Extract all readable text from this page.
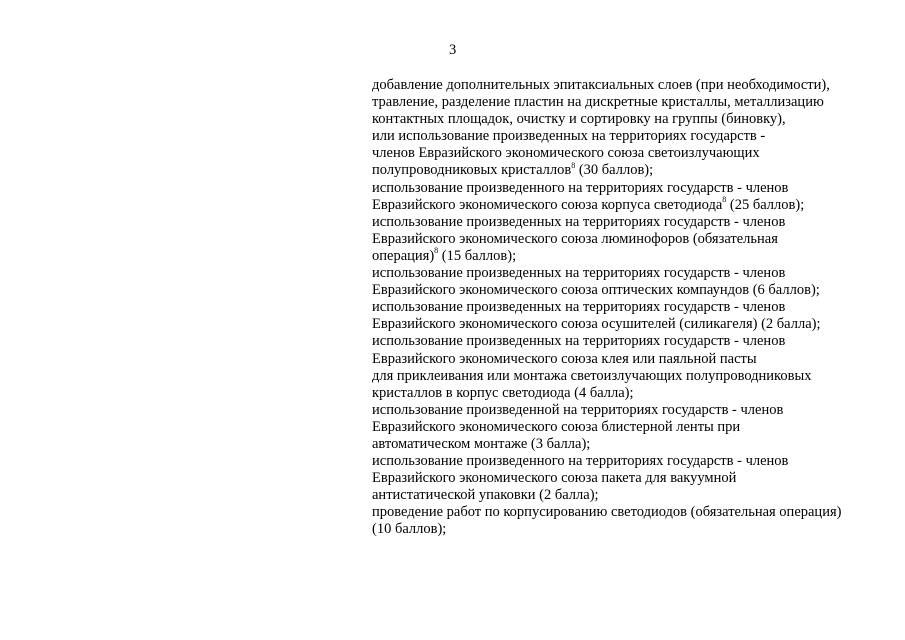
3
добавление дополнительных эпитаксиальных слоев (при необходимости),
травление, разделение пластин на дискретные кристаллы, металлизацию
контактных площадок, очистку и сортировку на группы (биновку),
или использование произведенных на территориях государств -
членов Евразийского экономического союза светоизлучающих
полупроводниковых кристаллов$^8$ (30 баллов);
использование произведенного на территориях государств - членов
Евразийского экономического союза корпуса светодиода$^8$ (25 баллов);
использование произведенных на территориях государств - членов
Евразийского экономического союза люминофоров (обязательная
операция)$^8$ (15 баллов);
использование произведенных на территориях государств - членов
Евразийского экономического союза оптических компаундов (6 баллов);
использование произведенных на территориях государств - членов
Евразийского экономического союза осушителей (силикагеля) (2 балла);
использование произведенных на территориях государств - членов
Евразийского экономического союза клея или паяльной пасты
для приклеивания или монтажа светоизлучающих полупроводниковых
кристаллов в корпус светодиода (4 балла);
использование произведенной на территориях государств - членов
Евразийского экономического союза блистерной ленты при
автоматическом монтаже (3 балла);
использование произведенного на территориях государств - членов
Евразийского экономического союза пакета для вакуумной
антистатической упаковки (2 балла);
проведение работ по корпусированию светодиодов (обязательная операция)
(10 баллов);
